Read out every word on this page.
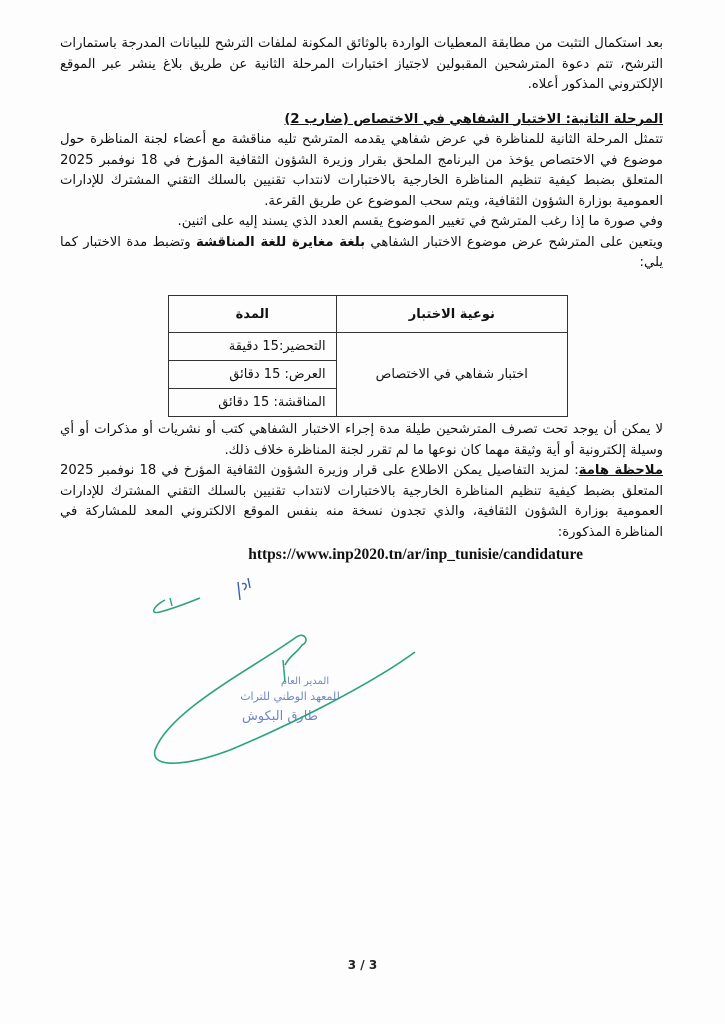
بعد استكمال التثبت من مطابقة المعطيات الواردة بالوثائق المكونة لملفات الترشح للبيانات المدرجة باستمارات الترشح، تتم دعوة المترشحين المقبولين لاجتياز اختبارات المرحلة الثانية عن طريق بلاغ ينشر عبر الموقع الإلكتروني المذكور أعلاه.

المرحلة الثانية: الاختبار الشفاهي في الاختصاص (ضارب 2)

تتمثل المرحلة الثانية للمناظرة في عرض شفاهي يقدمه المترشح تليه مناقشة مع أعضاء لجنة المناظرة حول موضوع في الاختصاص يؤخذ من البرنامج الملحق بقرار وزيرة الشؤون الثقافية المؤرخ في 18 نوفمبر 2025 المتعلق بضبط كيفية تنظيم المناظرة الخارجية بالاختبارات لانتداب تقنيين بالسلك التقني المشترك للإدارات العمومية بوزارة الشؤون الثقافية، ويتم سحب الموضوع عن طريق القرعة.

وفي صورة ما إذا رغب المترشح في تغيير الموضوع يقسم العدد الذي يسند إليه على اثنين.

ويتعين على المترشح عرض موضوع الاختبار الشفاهي بلغة مغايرة للغة المناقشة وتضبط مدة الاختبار كما يلي:

نوعية الاختبار	المدة
اختبار شفاهي في الاختصاص	التحضير:15 دقيقة
	العرض: 15 دقائق
	المناقشة: 15 دقائق

لا يمكن أن يوجد تحت تصرف المترشحين طيلة مدة إجراء الاختبار الشفاهي كتب أو نشريات أو مذكرات أو أي وسيلة إلكترونية أو أية وثيقة مهما كان نوعها ما لم تقرر لجنة المناظرة خلاف ذلك.

ملاحظة هامة: لمزيد التفاصيل يمكن الاطلاع على قرار وزيرة الشؤون الثقافية المؤرخ في 18 نوفمبر 2025 المتعلق بضبط كيفية تنظيم المناظرة الخارجية بالاختبارات لانتداب تقنيين بالسلك التقني المشترك للإدارات العمومية بوزارة الشؤون الثقافية، والذي تجدون نسخة منه بنفس الموقع الالكتروني المعد للمشاركة في المناظرة المذكورة:

https://www.inp2020.tn/ar/inp_tunisie/candidature

المدير العام
للمعهد الوطني للتراث
طارق البكوش
3 / 3
